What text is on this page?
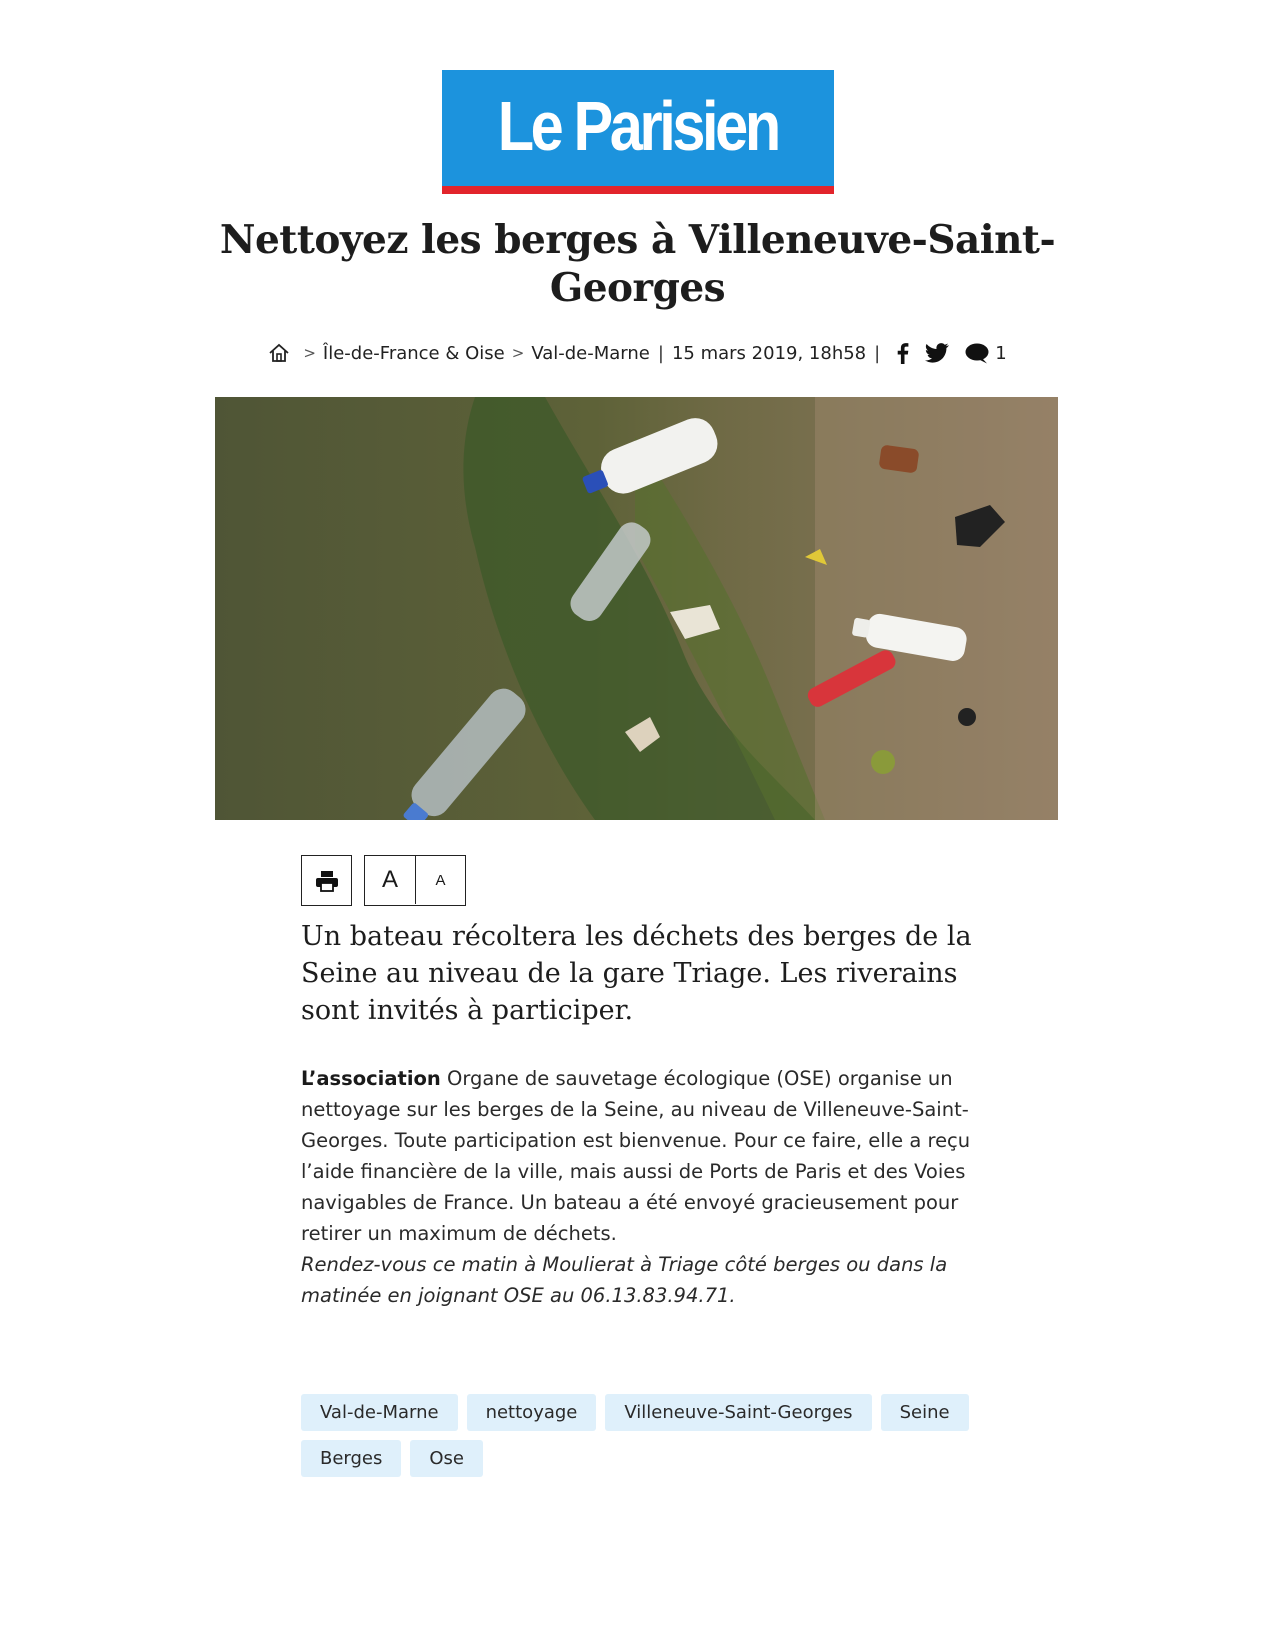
Le Parisien
Nettoyez les berges à Villeneuve-Saint-Georges
> Île-de-France & Oise > Val-de-Marne | 15 mars 2019, 18h58 |	1
A A

Un bateau récoltera les déchets des berges de la Seine au niveau de la gare Triage. Les riverains sont invités à participer.

L’association Organe de sauvetage écologique (OSE) organise un nettoyage sur les berges de la Seine, au niveau de Villeneuve-Saint-Georges. Toute participation est bienvenue. Pour ce faire, elle a reçu l’aide financière de la ville, mais aussi de Ports de Paris et des Voies navigables de France. Un bateau a été envoyé gracieusement pour retirer un maximum de déchets.
Rendez-vous ce matin à Moulierat à Triage côté berges ou dans la matinée en joignant OSE au 06.13.83.94.71.

Val-de-Marne	nettoyage	Villeneuve-Saint-Georges	Seine
Berges	Ose
